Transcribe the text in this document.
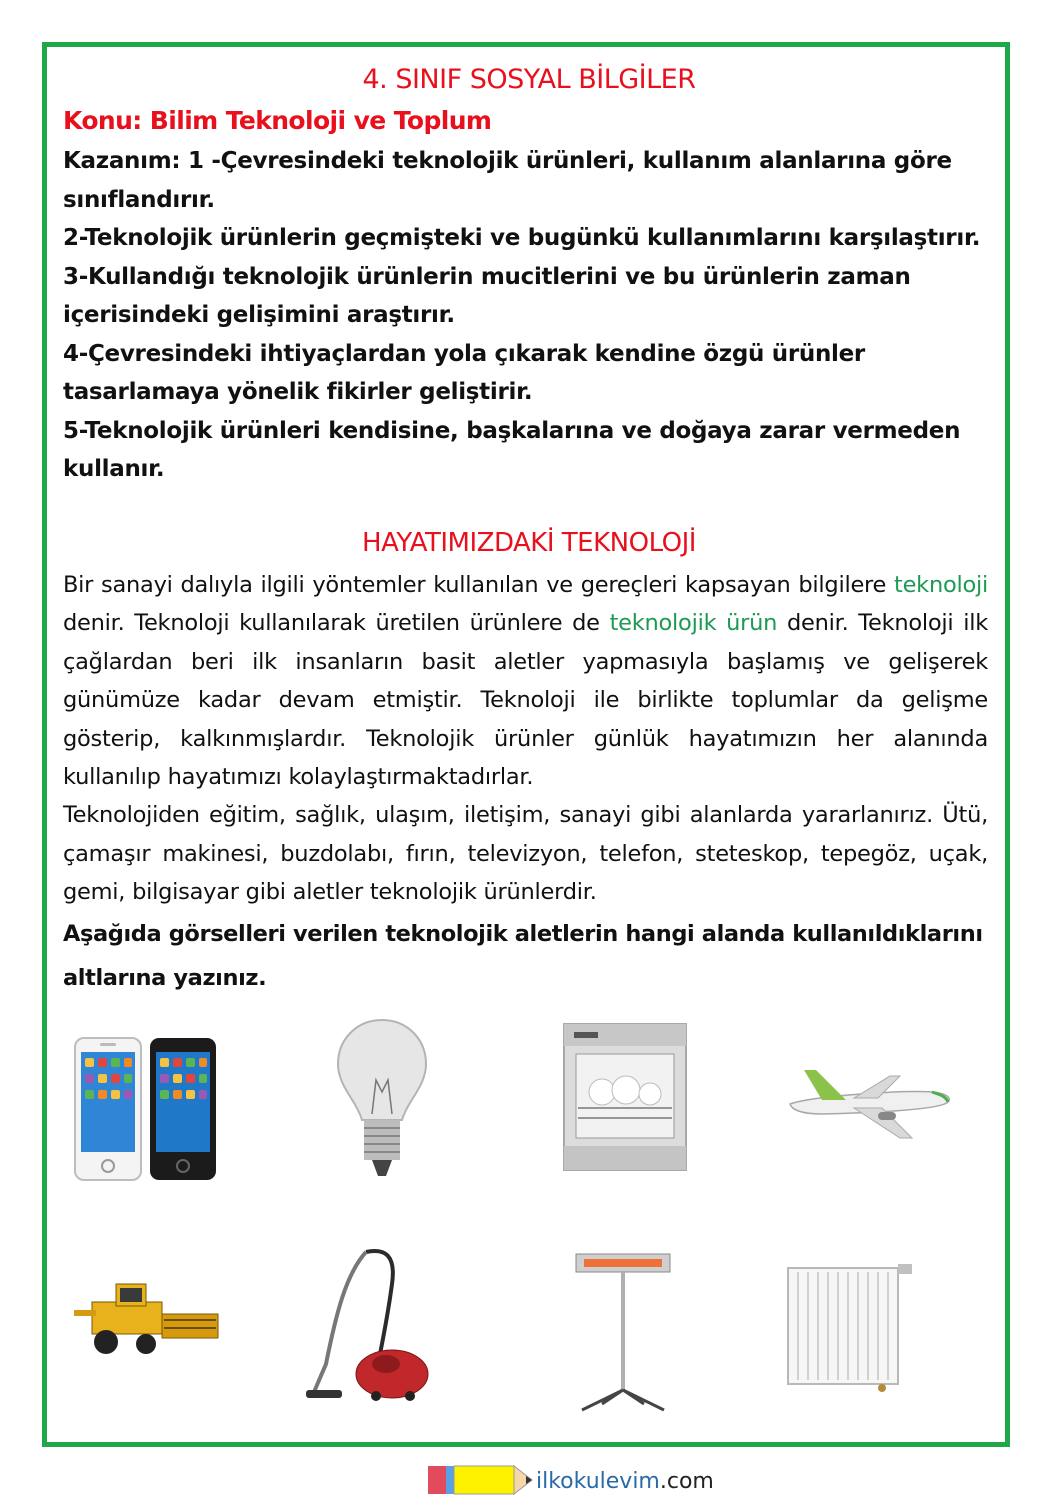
4. SINIF SOSYAL BİLGİLER
Konu: Bilim Teknoloji ve Toplum

Kazanım: 1 -Çevresindeki teknolojik ürünleri, kullanım alanlarına göre sınıflandırır.

2-Teknolojik ürünlerin geçmişteki ve bugünkü kullanımlarını karşılaştırır.

3-Kullandığı teknolojik ürünlerin mucitlerini ve bu ürünlerin zaman içerisindeki gelişimini araştırır.

4-Çevresindeki ihtiyaçlardan yola çıkarak kendine özgü ürünler tasarlamaya yönelik fikirler geliştirir.

5-Teknolojik ürünleri kendisine, başkalarına ve doğaya zarar vermeden kullanır.

HAYATIMIZDAKİ TEKNOLOJİ

Bir sanayi dalıyla ilgili yöntemler kullanılan ve gereçleri kapsayan bilgilere teknoloji denir. Teknoloji kullanılarak üretilen ürünlere de teknolojik ürün denir. Teknoloji ilk çağlardan beri ilk insanların basit aletler yapmasıyla başlamış ve gelişerek günümüze kadar devam etmiştir. Teknoloji ile birlikte toplumlar da gelişme gösterip, kalkınmışlardır. Teknolojik ürünler günlük hayatımızın her alanında kullanılıp hayatımızı kolaylaştırmaktadırlar.

Teknolojiden eğitim, sağlık, ulaşım, iletişim, sanayi gibi alanlarda yararlanırız. Ütü, çamaşır makinesi, buzdolabı, fırın, televizyon, telefon, steteskop, tepegöz, uçak, gemi, bilgisayar gibi aletler teknolojik ürünlerdir.

Aşağıda görselleri verilen teknolojik aletlerin hangi alanda kullanıldıklarını altlarına yazınız.
ilkokulevim.com
